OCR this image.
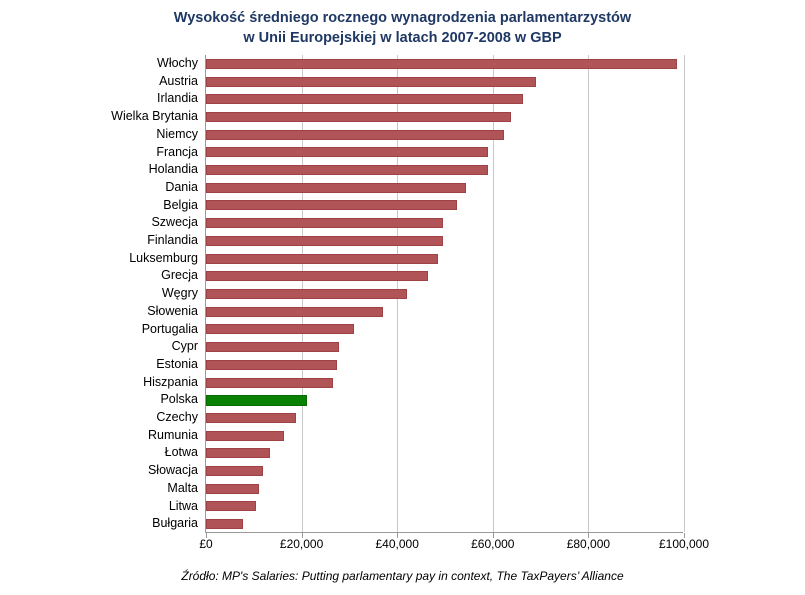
Wysokość średniego rocznego wynagrodzenia parlamentarzystów
w Unii Europejskiej w latach 2007-2008 w GBP
£0	£20,000	£40,000	£60,000	£80,000	£100,000
Włochy
Austria
Irlandia
Wielka Brytania
Niemcy
Francja
Holandia
Dania
Belgia
Szwecja
Finlandia
Luksemburg
Grecja
Węgry
Słowenia
Portugalia
Cypr
Estonia
Hiszpania
Polska
Czechy
Rumunia
Łotwa
Słowacja
Malta
Litwa
Bułgaria
Źródło: MP's Salaries: Putting parlamentary pay in context, The TaxPayers’ Alliance
